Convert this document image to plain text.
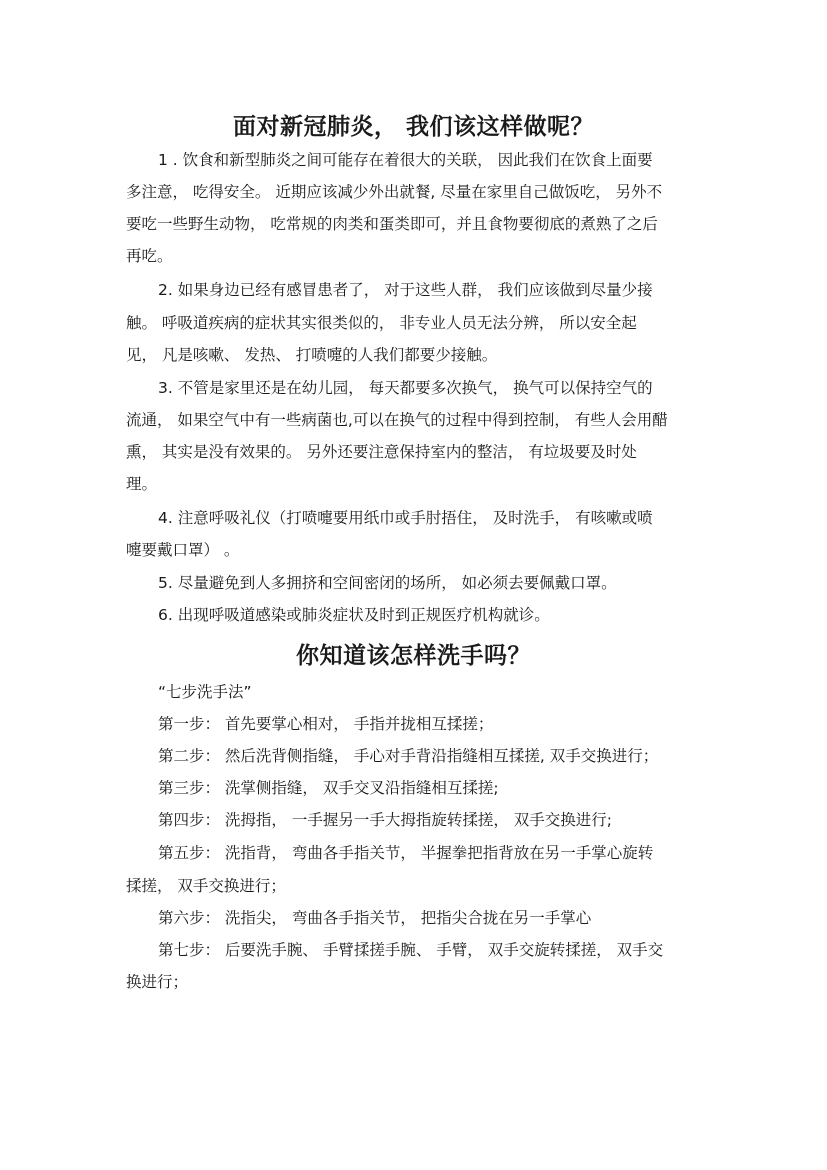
面对新冠肺炎， 我们该这样做呢？
1 . 饮食和新型肺炎之间可能存在着很大的关联， 因此我们在饮食上面要
多注意， 吃得安全。 近期应该减少外出就餐, 尽量在家里自己做饭吃， 另外不
要吃一些野生动物， 吃常规的肉类和蛋类即可，并且食物要彻底的煮熟了之后
再吃。
2. 如果身边已经有感冒患者了， 对于这些人群， 我们应该做到尽量少接
触。 呼吸道疾病的症状其实很类似的， 非专业人员无法分辨， 所以安全起
见， 凡是咳嗽、 发热、 打喷嚏的人我们都要少接触。
3. 不管是家里还是在幼儿园， 每天都要多次换气， 换气可以保持空气的
流通， 如果空气中有一些病菌也,可以在换气的过程中得到控制， 有些人会用醋
熏， 其实是没有效果的。 另外还要注意保持室内的整洁， 有垃圾要及时处
理。
4. 注意呼吸礼仪（打喷嚏要用纸巾或手肘捂住， 及时洗手， 有咳嗽或喷
嚏要戴口罩） 。
5. 尽量避免到人多拥挤和空间密闭的场所， 如必须去要佩戴口罩。
6. 出现呼吸道感染或肺炎症状及时到正规医疗机构就诊。
你知道该怎样洗手吗？
“七步洗手法”
第一步： 首先要掌心相对， 手指并拢相互揉搓；
第二步： 然后洗背侧指缝， 手心对手背沿指缝相互揉搓, 双手交换进行；
第三步： 洗掌侧指缝， 双手交叉沿指缝相互揉搓;
第四步： 洗拇指， 一手握另一手大拇指旋转揉搓， 双手交换进行;
第五步： 洗指背， 弯曲各手指关节， 半握拳把指背放在另一手掌心旋转
揉搓， 双手交换进行；
第六步： 洗指尖， 弯曲各手指关节， 把指尖合拢在另一手掌心
第七步： 后要洗手腕、 手臂揉搓手腕、 手臂， 双手交旋转揉搓， 双手交
换进行；
